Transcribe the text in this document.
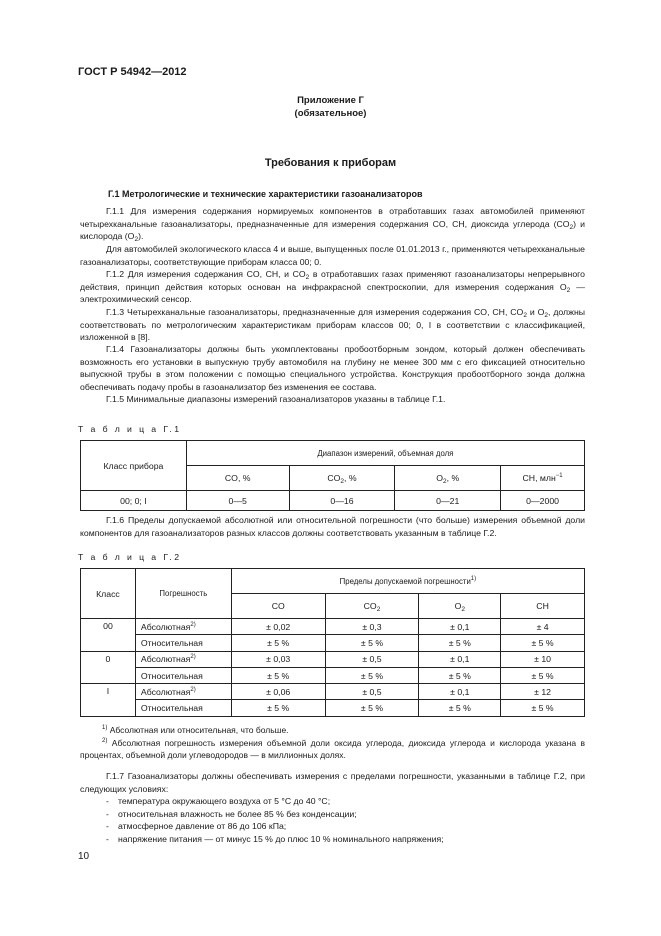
ГОСТ Р 54942—2012
Приложение Г
(обязательное)
Требования к приборам
Г.1 Метрологические и технические характеристики газоанализаторов

Г.1.1 Для измерения содержания нормируемых компонентов в отработавших газах автомобилей применяют четырехканальные газоанализаторы, предназначенные для измерения содержания CO, CH, диоксида углерода $(CO_2)$ и кислорода $(O_2)$.

Для автомобилей экологического класса 4 и выше, выпущенных после 01.01.2013 г., применяются четырехканальные газоанализаторы, соответствующие приборам класса 00; 0.

Г.1.2 Для измерения содержания CO, CH, и $CO_2$ в отработавших газах применяют газоанализаторы непрерывного действия, принцип действия которых основан на инфракрасной спектроскопии, для измерения содержания $O_2$ — электрохимический сенсор.

Г.1.3 Четырехканальные газоанализаторы, предназначенные для измерения содержания CO, CH, $CO_2$ и $O_2$, должны соответствовать по метрологическим характеристикам приборам классов 00; 0, I в соответствии с классификацией, изложенной в [8].

Г.1.4 Газоанализаторы должны быть укомплектованы пробоотборным зондом, который должен обеспечивать возможность его установки в выпускную трубу автомобиля на глубину не менее 300 мм с его фиксацией относительно выпускной трубы в этом положении с помощью специального устройства. Конструкция пробоотборного зонда должна обеспечивать подачу пробы в газоанализатор без изменения ее состава.

Г.1.5 Минимальные диапазоны измерений газоанализаторов указаны в таблице Г.1.

Т а б л и ц а Г.1
Класс прибора	Диапазон измерений, объемная доля			
	CO, %	$CO_2$, %	$O_2$, %	CH, млн$^{-1}$
00; 0; I	0—5	0—16	0—21	0—2000

Г.1.6 Пределы допускаемой абсолютной или относительной погрешности (что больше) измерения объемной доли компонентов для газоанализаторов разных классов должны соответствовать указанным в таблице Г.2.

Т а б л и ц а Г.2
Класс	Погрешность	Пределы допускаемой погрешности$^{1)}$
		CO	$CO_2$	$O_2$	CH
00	Абсолютная$^{2)}$	± 0,02	± 0,3	± 0,1	± 4
	Относительная	± 5 %	± 5 %	± 5 %	± 5 %
0	Абсолютная$^{2)}$	± 0,03	± 0,5	± 0,1	± 10
	Относительная	± 5 %	± 5 %	± 5 %	± 5 %
I	Абсолютная$^{2)}$	± 0,06	± 0,5	± 0,1	± 12
	Относительная	± 5 %	± 5 %	± 5 %	± 5 %

$^{1)}$ Абсолютная или относительная, что больше.

$^{2)}$ Абсолютная погрешность измерения объемной доли оксида углерода, диоксида углерода и кислорода указана в процентах, объемной доли углеводородов — в миллионных долях.

Г.1.7 Газоанализаторы должны обеспечивать измерения с пределами погрешности, указанными в таблице Г.2, при следующих условиях:

- температура окружающего воздуха от 5 °C до 40 °C;
- относительная влажность не более 85 % без конденсации;
- атмосферное давление от 86 до 106 кПа;
- напряжение питания — от минус 15 % до плюс 10 % номинального напряжения;
10
